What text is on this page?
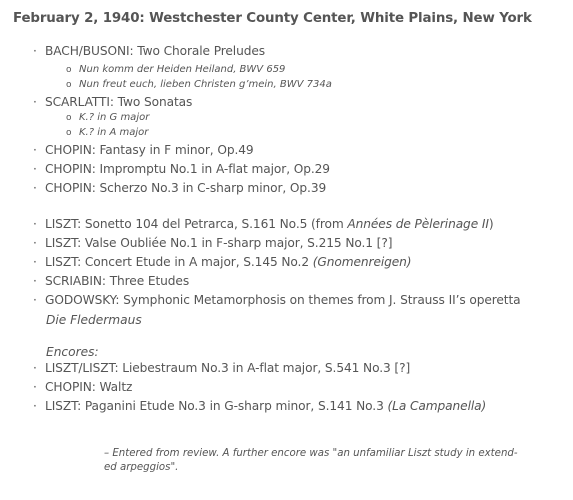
February 2, 1940: Westchester County Center, White Plains, New York
· BACH/BUSONI: Two Chorale Preludes
o Nun komm der Heiden Heiland, BWV 659
o Nun freut euch, lieben Christen g’mein, BWV 734a
· SCARLATTI: Two Sonatas
o K.? in G major
o K.? in A major
· CHOPIN: Fantasy in F minor, Op.49
· CHOPIN: Impromptu No.1 in A-flat major, Op.29
· CHOPIN: Scherzo No.3 in C-sharp minor, Op.39
· LISZT: Sonetto 104 del Petrarca, S.161 No.5 (from Années de Pèlerinage II)
· LISZT: Valse Oubliée No.1 in F-sharp major, S.215 No.1 [?]
· LISZT: Concert Etude in A major, S.145 No.2 (Gnomenreigen)
· SCRIABIN: Three Etudes
· GODOWSKY: Symphonic Metamorphosis on themes from J. Strauss II’s operetta
Die Fledermaus
Encores:
· LISZT/LISZT: Liebestraum No.3 in A-flat major, S.541 No.3 [?]
· CHOPIN: Waltz
· LISZT: Paganini Etude No.3 in G-sharp minor, S.141 No.3 (La Campanella)
– Entered from review. A further encore was "an unfamiliar Liszt study in extend-
ed arpeggios".
